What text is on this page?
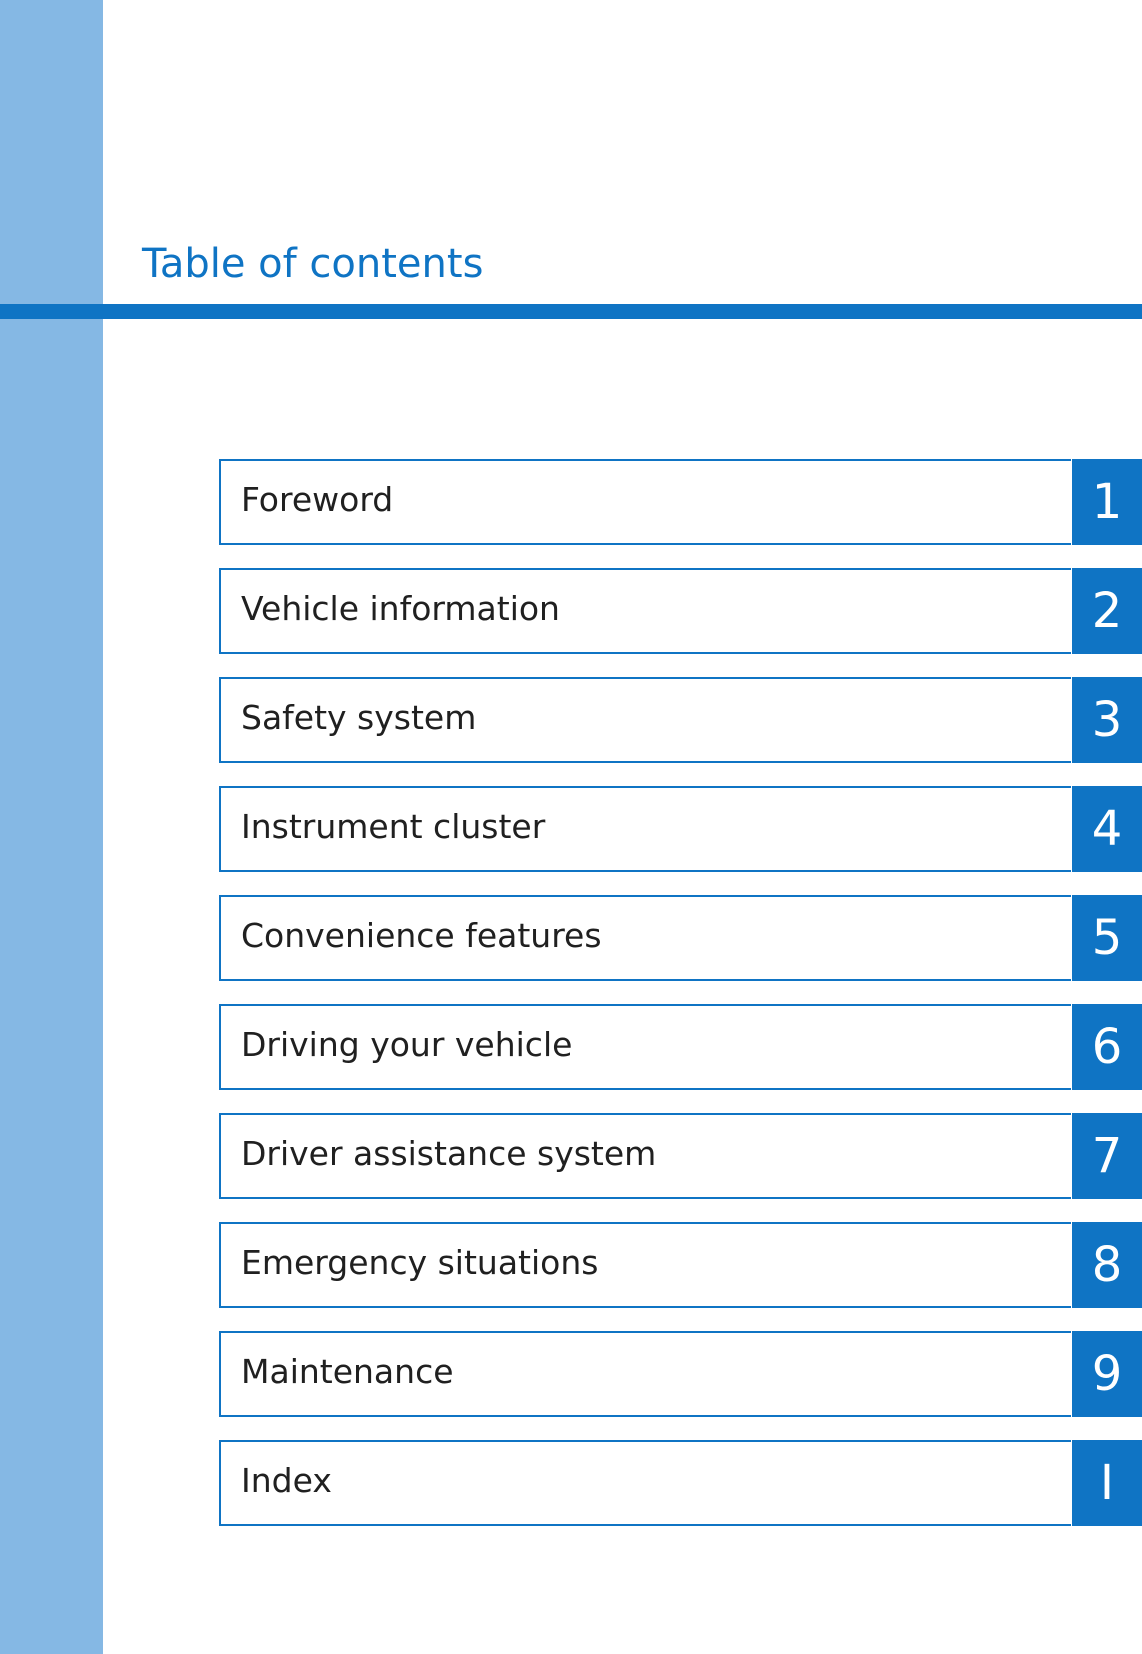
Table of contents
Foreword	1
Vehicle information	2
Safety system	3
Instrument cluster	4
Convenience features	5
Driving your vehicle	6
Driver assistance system	7
Emergency situations	8
Maintenance	9
Index	I
